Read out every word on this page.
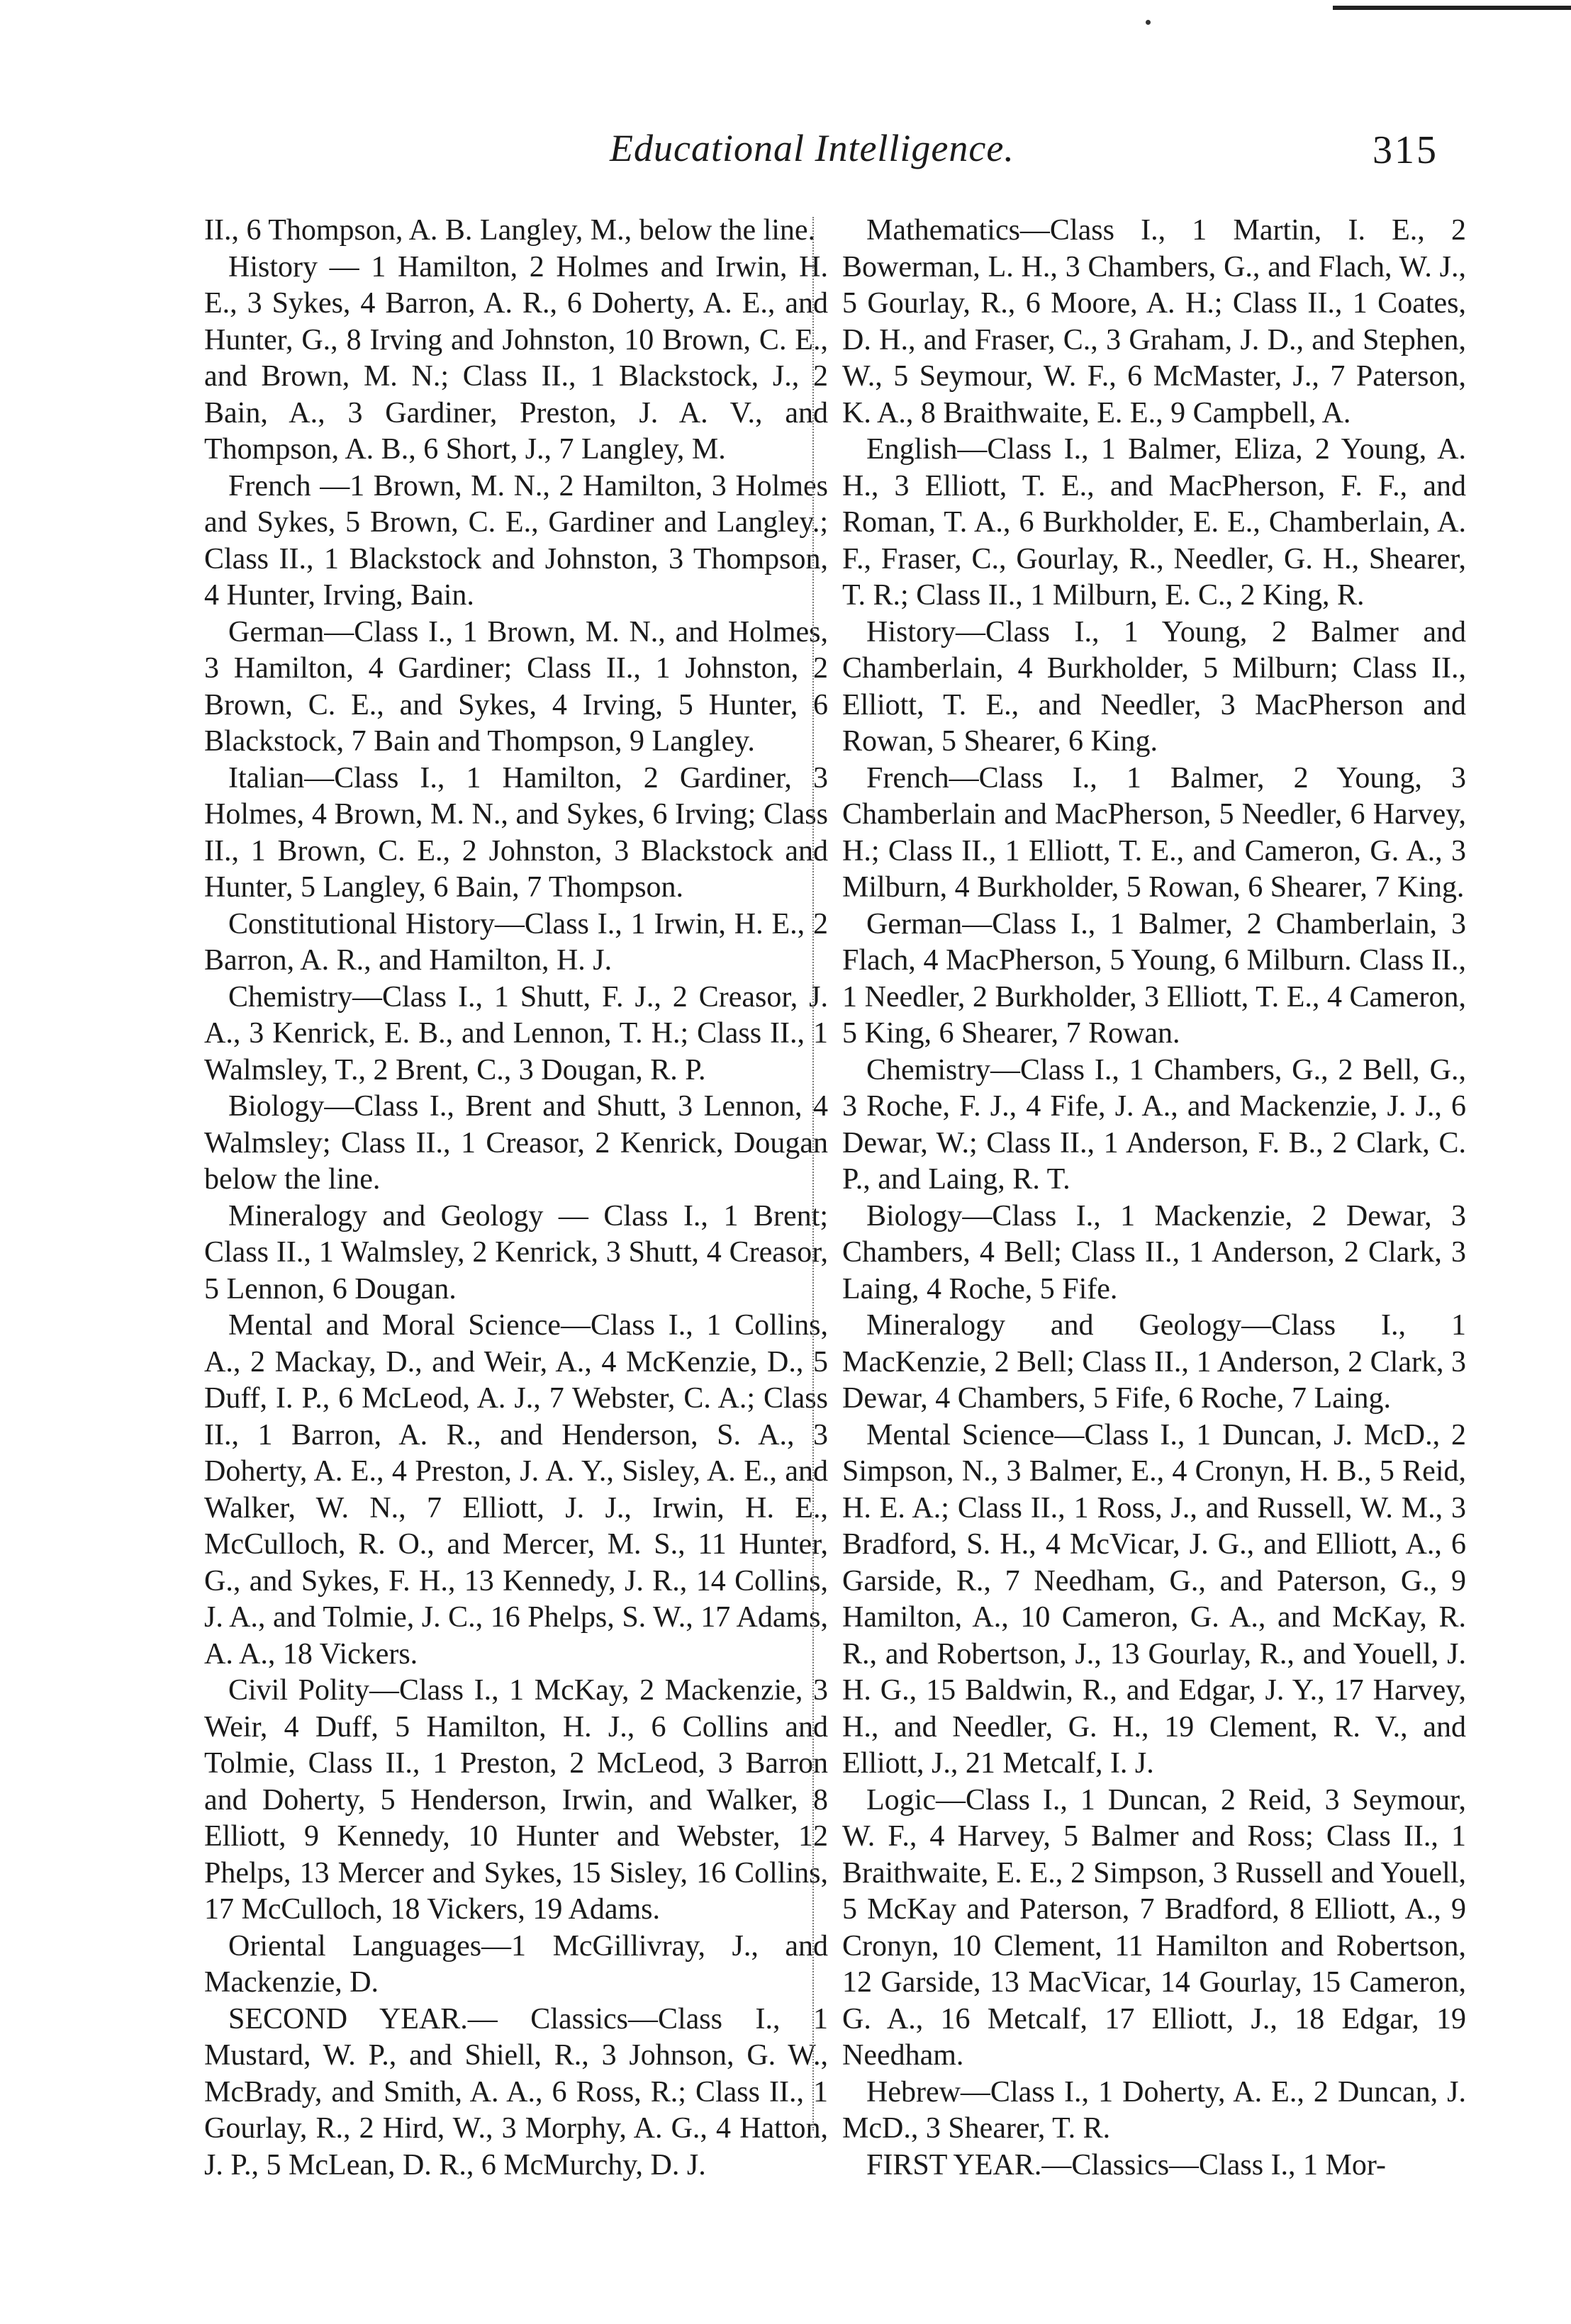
Educational Intelligence.	315

II., 6 Thompson, A. B. Langley, M., below the line.

History — 1 Hamilton, 2 Holmes and Irwin, H. E., 3 Sykes, 4 Barron, A. R., 6 Doherty, A. E., and Hunter, G., 8 Irving and Johnston, 10 Brown, C. E., and Brown, M. N.; Class II., 1 Blackstock, J., 2 Bain, A., 3 Gardiner, Preston, J. A. V., and Thompson, A. B., 6 Short, J., 7 Langley, M.

French —1 Brown, M. N., 2 Hamilton, 3 Holmes and Sykes, 5 Brown, C. E., Gardiner and Langley.; Class II., 1 Blackstock and Johnston, 3 Thompson, 4 Hunter, Irving, Bain.

German—Class I., 1 Brown, M. N., and Holmes, 3 Hamilton, 4 Gardiner; Class II., 1 Johnston, 2 Brown, C. E., and Sykes, 4 Irving, 5 Hunter, 6 Blackstock, 7 Bain and Thompson, 9 Langley.

Italian—Class I., 1 Hamilton, 2 Gardiner, 3 Holmes, 4 Brown, M. N., and Sykes, 6 Irving; Class II., 1 Brown, C. E., 2 Johnston, 3 Blackstock and Hunter, 5 Langley, 6 Bain, 7 Thompson.

Constitutional History—Class I., 1 Irwin, H. E., 2 Barron, A. R., and Hamilton, H. J.

Chemistry—Class I., 1 Shutt, F. J., 2 Creasor, J. A., 3 Kenrick, E. B., and Lennon, T. H.; Class II., 1 Walmsley, T., 2 Brent, C., 3 Dougan, R. P.

Biology—Class I., Brent and Shutt, 3 Lennon, 4 Walmsley; Class II., 1 Creasor, 2 Kenrick, Dougan below the line.

Mineralogy and Geology — Class I., 1 Brent; Class II., 1 Walmsley, 2 Kenrick, 3 Shutt, 4 Creasor, 5 Lennon, 6 Dougan.

Mental and Moral Science—Class I., 1 Collins, A., 2 Mackay, D., and Weir, A., 4 McKenzie, D., 5 Duff, I. P., 6 McLeod, A. J., 7 Webster, C. A.; Class II., 1 Barron, A. R., and Henderson, S. A., 3 Doherty, A. E., 4 Preston, J. A. Y., Sisley, A. E., and Walker, W. N., 7 Elliott, J. J., Irwin, H. E., McCulloch, R. O., and Mercer, M. S., 11 Hunter, G., and Sykes, F. H., 13 Kennedy, J. R., 14 Collins, J. A., and Tolmie, J. C., 16 Phelps, S. W., 17 Adams, A. A., 18 Vickers.

Civil Polity—Class I., 1 McKay, 2 Mackenzie, 3 Weir, 4 Duff, 5 Hamilton, H. J., 6 Collins and Tolmie, Class II., 1 Preston, 2 McLeod, 3 Barron and Doherty, 5 Henderson, Irwin, and Walker, 8 Elliott, 9 Kennedy, 10 Hunter and Webster, 12 Phelps, 13 Mercer and Sykes, 15 Sisley, 16 Collins, 17 McCulloch, 18 Vickers, 19 Adams.

Oriental Languages—1 McGillivray, J., and Mackenzie, D.

SECOND YEAR.— Classics—Class I., 1 Mustard, W. P., and Shiell, R., 3 Johnson, G. W., McBrady, and Smith, A. A., 6 Ross, R.; Class II., 1 Gourlay, R., 2 Hird, W., 3 Morphy, A. G., 4 Hatton, J. P., 5 McLean, D. R., 6 McMurchy, D. J.

Mathematics—Class I., 1 Martin, I. E., 2 Bowerman, L. H., 3 Chambers, G., and Flach, W. J., 5 Gourlay, R., 6 Moore, A. H.; Class II., 1 Coates, D. H., and Fraser, C., 3 Graham, J. D., and Stephen, W., 5 Seymour, W. F., 6 McMaster, J., 7 Paterson, K. A., 8 Braithwaite, E. E., 9 Campbell, A.

English—Class I., 1 Balmer, Eliza, 2 Young, A. H., 3 Elliott, T. E., and MacPherson, F. F., and Roman, T. A., 6 Burkholder, E. E., Chamberlain, A. F., Fraser, C., Gourlay, R., Needler, G. H., Shearer, T. R.; Class II., 1 Milburn, E. C., 2 King, R.

History—Class I., 1 Young, 2 Balmer and Chamberlain, 4 Burkholder, 5 Milburn; Class II., Elliott, T. E., and Needler, 3 MacPherson and Rowan, 5 Shearer, 6 King.

French—Class I., 1 Balmer, 2 Young, 3 Chamberlain and MacPherson, 5 Needler, 6 Harvey, H.; Class II., 1 Elliott, T. E., and Cameron, G. A., 3 Milburn, 4 Burkholder, 5 Rowan, 6 Shearer, 7 King.

German—Class I., 1 Balmer, 2 Chamberlain, 3 Flach, 4 MacPherson, 5 Young, 6 Milburn. Class II., 1 Needler, 2 Burkholder, 3 Elliott, T. E., 4 Cameron, 5 King, 6 Shearer, 7 Rowan.

Chemistry—Class I., 1 Chambers, G., 2 Bell, G., 3 Roche, F. J., 4 Fife, J. A., and Mackenzie, J. J., 6 Dewar, W.; Class II., 1 Anderson, F. B., 2 Clark, C. P., and Laing, R. T.

Biology—Class I., 1 Mackenzie, 2 Dewar, 3 Chambers, 4 Bell; Class II., 1 Anderson, 2 Clark, 3 Laing, 4 Roche, 5 Fife.

Mineralogy and Geology—Class I., 1 MacKenzie, 2 Bell; Class II., 1 Anderson, 2 Clark, 3 Dewar, 4 Chambers, 5 Fife, 6 Roche, 7 Laing.

Mental Science—Class I., 1 Duncan, J. McD., 2 Simpson, N., 3 Balmer, E., 4 Cronyn, H. B., 5 Reid, H. E. A.; Class II., 1 Ross, J., and Russell, W. M., 3 Bradford, S. H., 4 McVicar, J. G., and Elliott, A., 6 Garside, R., 7 Needham, G., and Paterson, G., 9 Hamilton, A., 10 Cameron, G. A., and McKay, R. R., and Robertson, J., 13 Gourlay, R., and Youell, J. H. G., 15 Baldwin, R., and Edgar, J. Y., 17 Harvey, H., and Needler, G. H., 19 Clement, R. V., and Elliott, J., 21 Metcalf, I. J.

Logic—Class I., 1 Duncan, 2 Reid, 3 Seymour, W. F., 4 Harvey, 5 Balmer and Ross; Class II., 1 Braithwaite, E. E., 2 Simpson, 3 Russell and Youell, 5 McKay and Paterson, 7 Bradford, 8 Elliott, A., 9 Cronyn, 10 Clement, 11 Hamilton and Robertson, 12 Garside, 13 MacVicar, 14 Gourlay, 15 Cameron, G. A., 16 Metcalf, 17 Elliott, J., 18 Edgar, 19 Needham.

Hebrew—Class I., 1 Doherty, A. E., 2 Duncan, J. McD., 3 Shearer, T. R.

FIRST YEAR.—Classics—Class I., 1 Mor-
